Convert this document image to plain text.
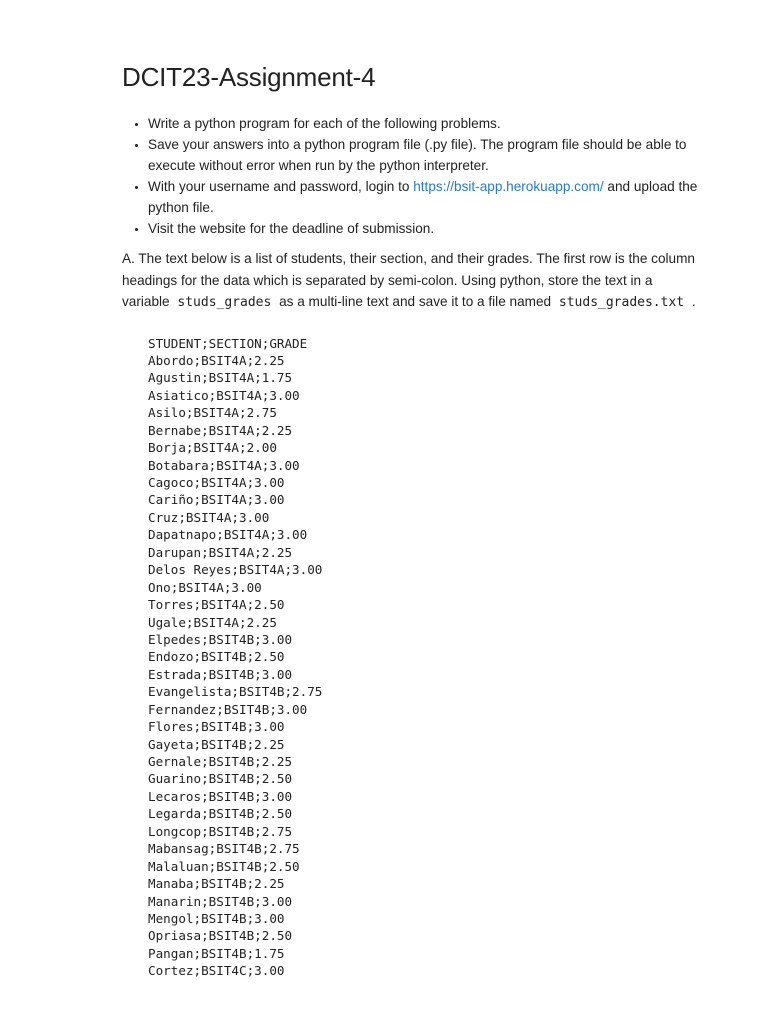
DCIT23-Assignment-4
• Write a python program for each of the following problems.
• Save your answers into a python program file (.py file). The program file should be able to execute without error when run by the python interpreter.
• With your username and password, login to https://bsit-app.herokuapp.com/ and upload the python file.
• Visit the website for the deadline of submission.

A. The text below is a list of students, their section, and their grades. The first row is the column headings for the data which is separated by semi-colon. Using python, store the text in a variable studs_grades as a multi-line text and save it to a file named studs_grades.txt .

STUDENT;SECTION;GRADE
Abordo;BSIT4A;2.25
Agustin;BSIT4A;1.75
Asiatico;BSIT4A;3.00
Asilo;BSIT4A;2.75
Bernabe;BSIT4A;2.25
Borja;BSIT4A;2.00
Botabara;BSIT4A;3.00
Cagoco;BSIT4A;3.00
Cariño;BSIT4A;3.00
Cruz;BSIT4A;3.00
Dapatnapo;BSIT4A;3.00
Darupan;BSIT4A;2.25
Delos Reyes;BSIT4A;3.00
Ono;BSIT4A;3.00
Torres;BSIT4A;2.50
Ugale;BSIT4A;2.25
Elpedes;BSIT4B;3.00
Endozo;BSIT4B;2.50
Estrada;BSIT4B;3.00
Evangelista;BSIT4B;2.75
Fernandez;BSIT4B;3.00
Flores;BSIT4B;3.00
Gayeta;BSIT4B;2.25
Gernale;BSIT4B;2.25
Guarino;BSIT4B;2.50
Lecaros;BSIT4B;3.00
Legarda;BSIT4B;2.50
Longcop;BSIT4B;2.75
Mabansag;BSIT4B;2.75
Malaluan;BSIT4B;2.50
Manaba;BSIT4B;2.25
Manarin;BSIT4B;3.00
Mengol;BSIT4B;3.00
Opriasa;BSIT4B;2.50
Pangan;BSIT4B;1.75
Cortez;BSIT4C;3.00
